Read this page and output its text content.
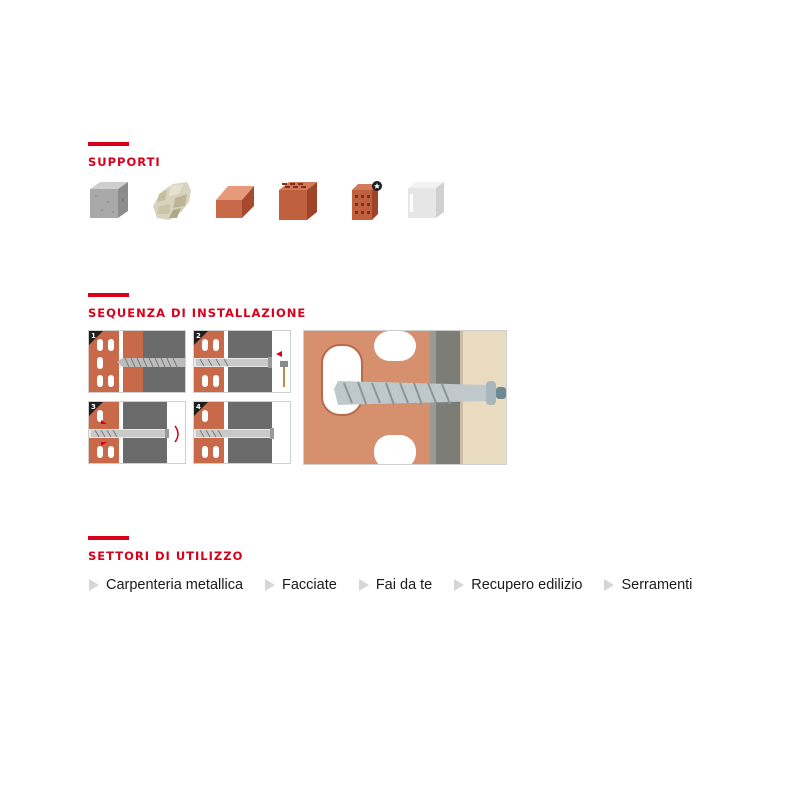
SUPPORTI
SEQUENZA DI INSTALLAZIONE
1	2
3	4
SETTORI DI UTILIZZO
Carpenteria metallica	Facciate	Fai da te	Recupero edilizio	Serramenti
